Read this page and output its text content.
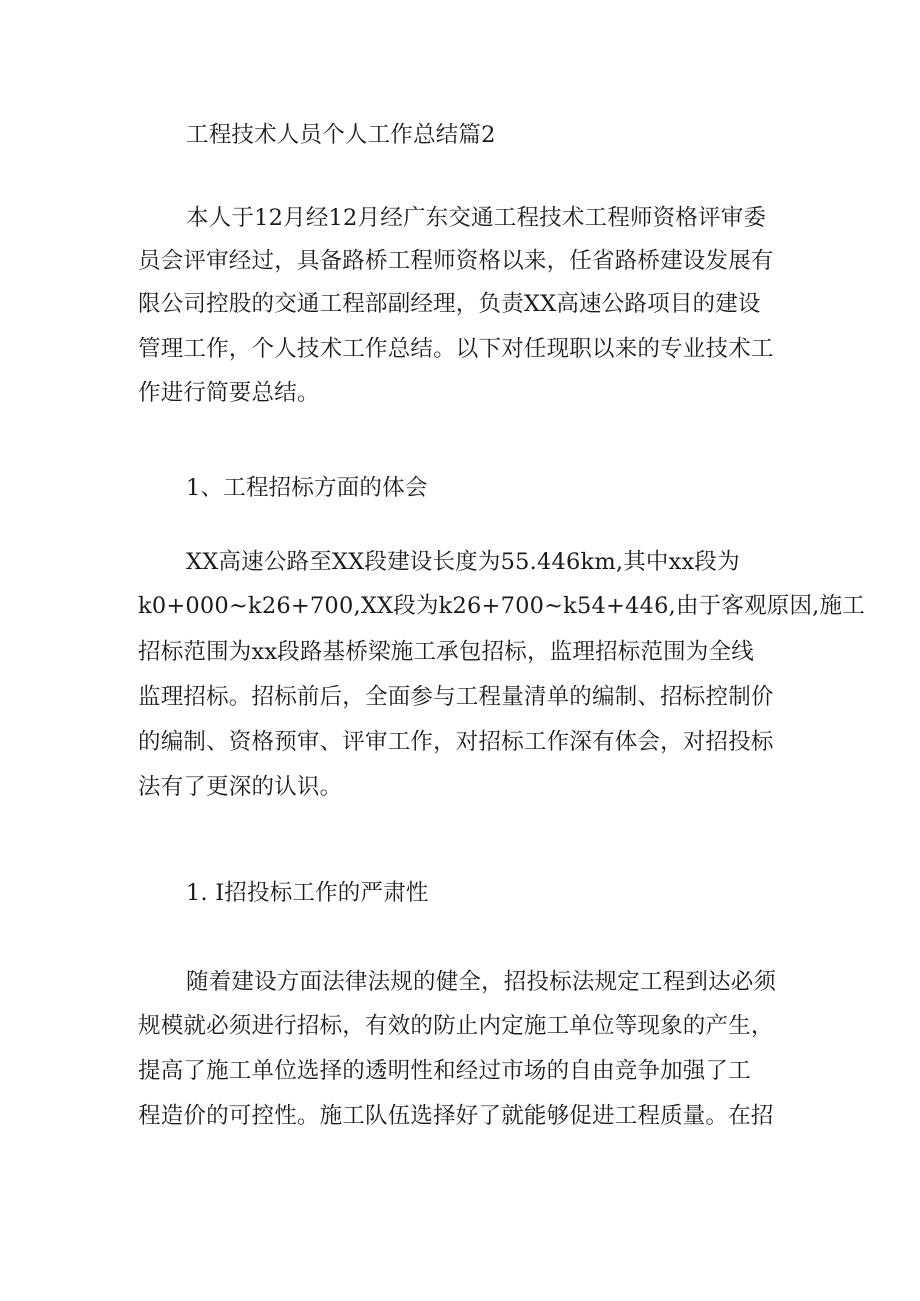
工程技术人员个人工作总结篇2
本人于12月经12月经广东交通工程技术工程师资格评审委
员会评审经过，具备路桥工程师资格以来，任省路桥建设发展有
限公司控股的交通工程部副经理，负责XX高速公路项目的建设
管理工作，个人技术工作总结。以下对任现职以来的专业技术工
作进行简要总结。
1、工程招标方面的体会
XX高速公路至XX段建设长度为55.446km,其中xx段为
k0+000~k26+700,XX段为k26+700~k54+446,由于客观原因,施工
招标范围为xx段路基桥梁施工承包招标，监理招标范围为全线
监理招标。招标前后，全面参与工程量清单的编制、招标控制价
的编制、资格预审、评审工作，对招标工作深有体会，对招投标
法有了更深的认识。
1. I招投标工作的严肃性
随着建设方面法律法规的健全，招投标法规定工程到达必须
规模就必须进行招标，有效的防止内定施工单位等现象的产生，
提高了施工单位选择的透明性和经过市场的自由竞争加强了工
程造价的可控性。施工队伍选择好了就能够促进工程质量。在招
